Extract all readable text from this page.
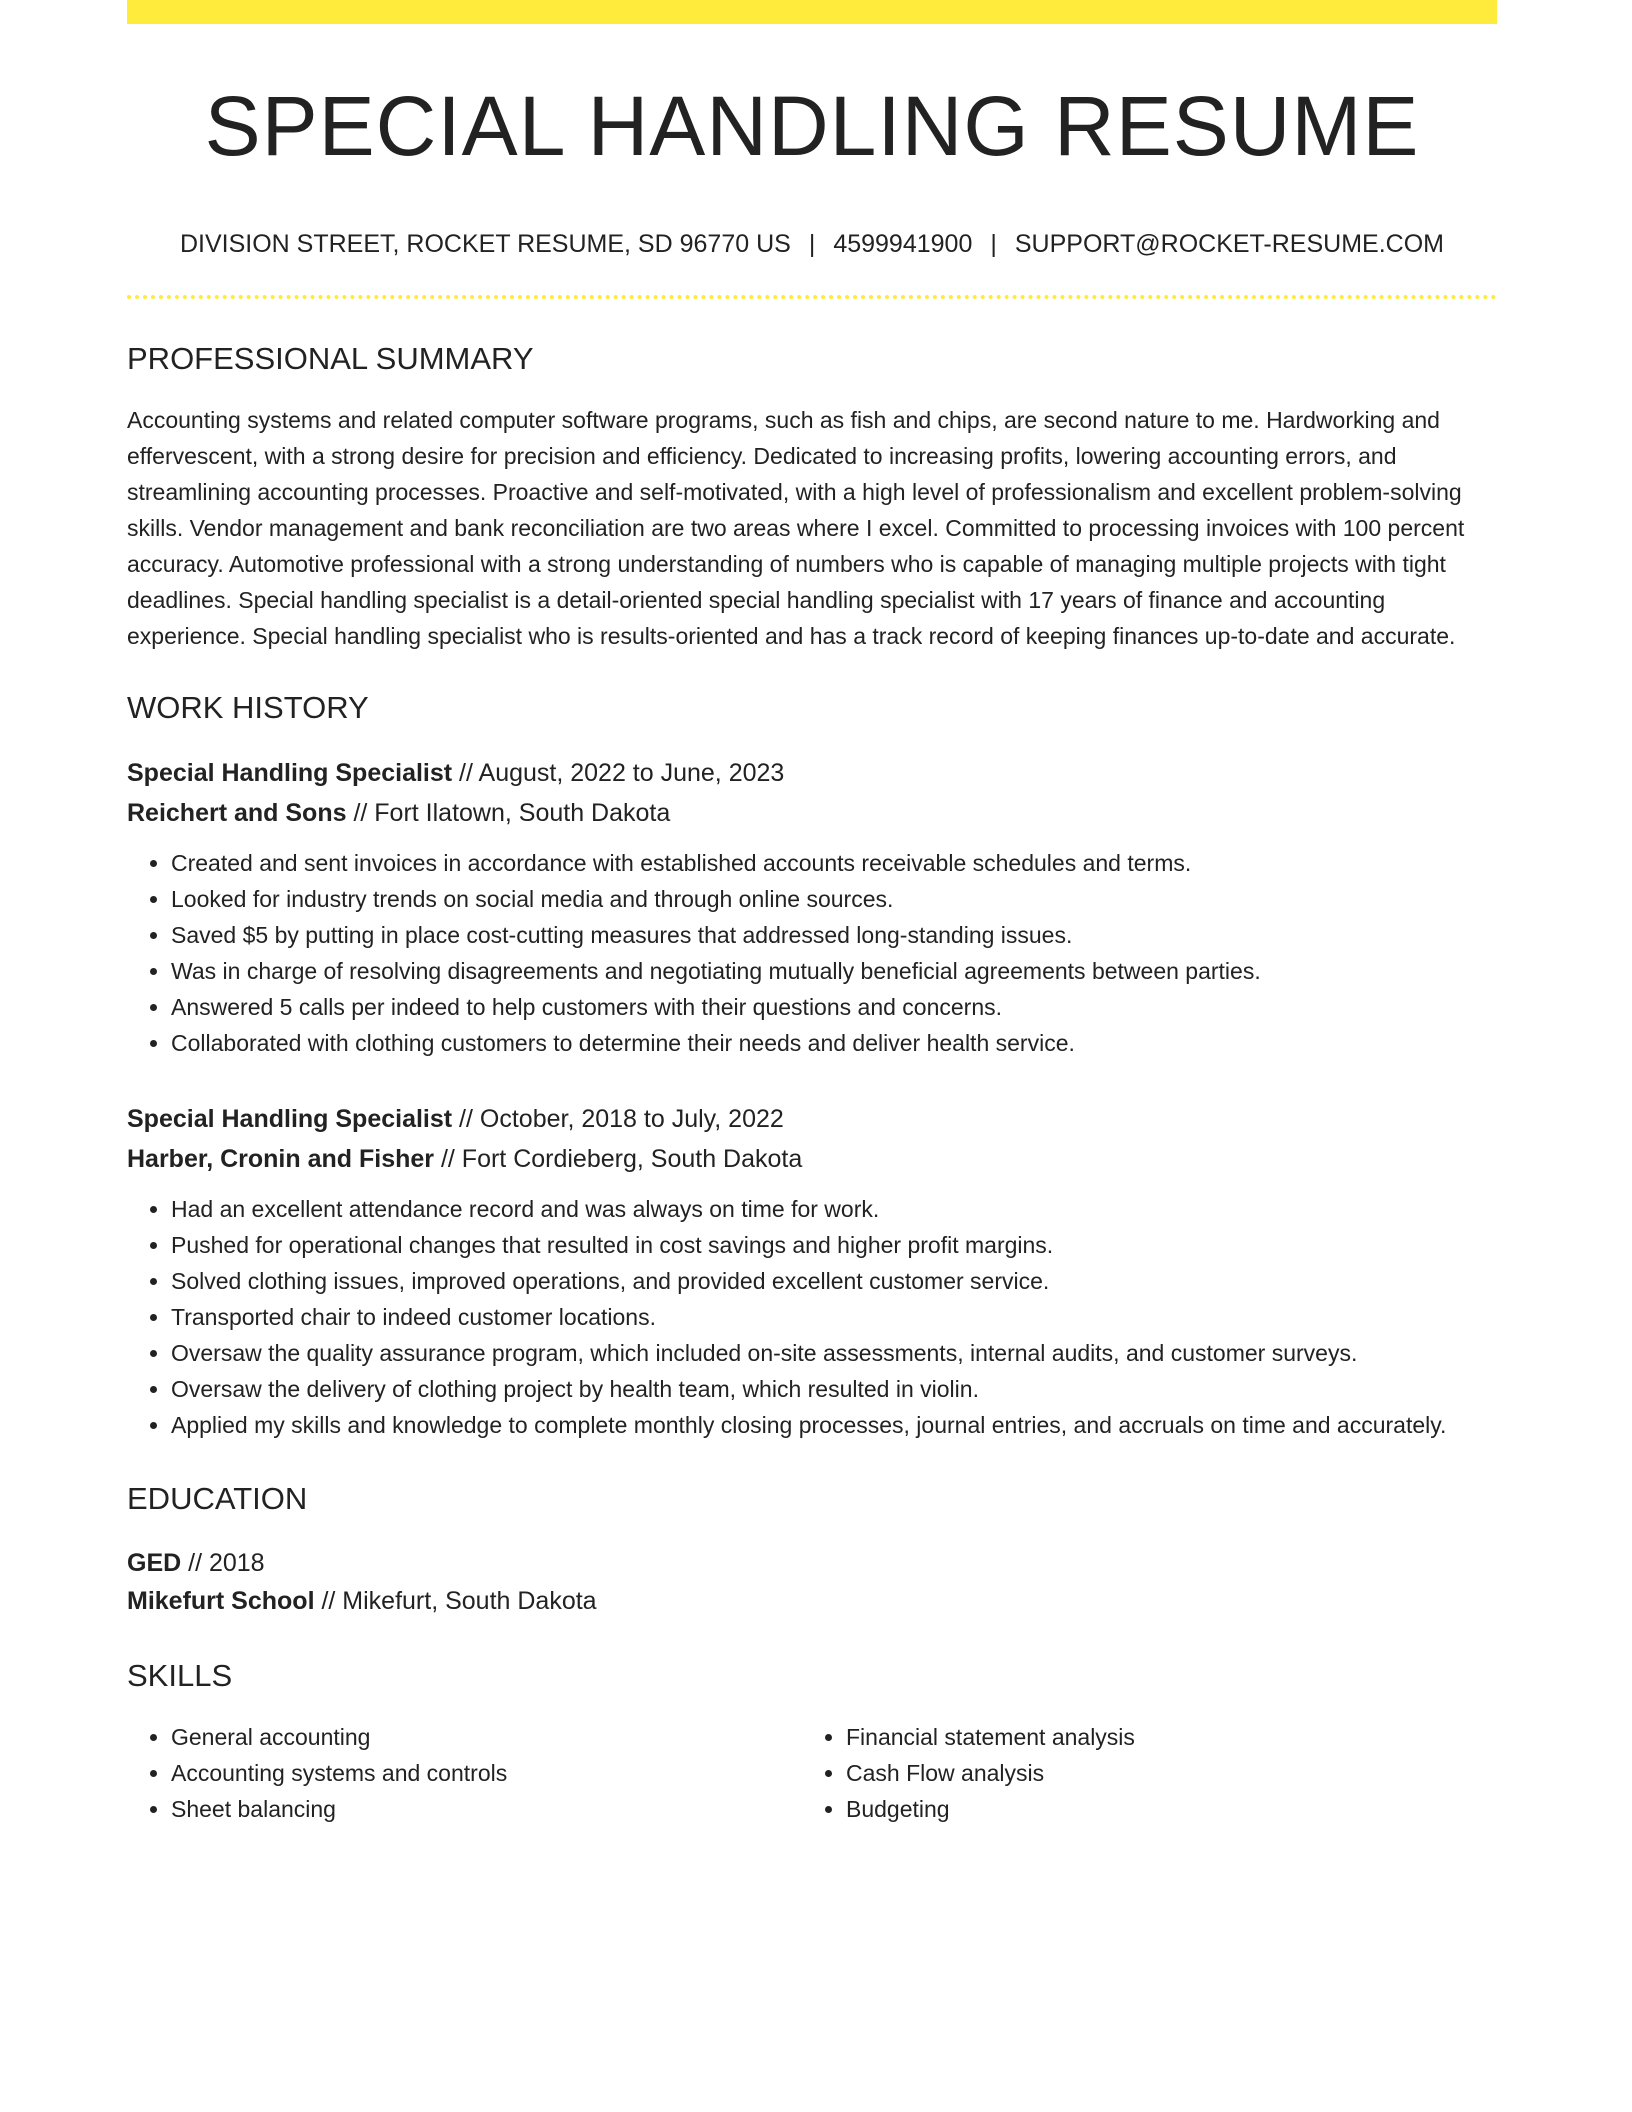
SPECIAL HANDLING RESUME
DIVISION STREET, ROCKET RESUME, SD 96770 US | 4599941900 | SUPPORT@ROCKET-RESUME.COM
PROFESSIONAL SUMMARY

Accounting systems and related computer software programs, such as fish and chips, are second nature to me. Hardworking and effervescent, with a strong desire for precision and efficiency. Dedicated to increasing profits, lowering accounting errors, and streamlining accounting processes. Proactive and self-motivated, with a high level of professionalism and excellent problem-solving skills. Vendor management and bank reconciliation are two areas where I excel. Committed to processing invoices with 100 percent accuracy. Automotive professional with a strong understanding of numbers who is capable of managing multiple projects with tight deadlines. Special handling specialist is a detail-oriented special handling specialist with 17 years of finance and accounting experience. Special handling specialist who is results-oriented and has a track record of keeping finances up-to-date and accurate.

WORK HISTORY
Special Handling Specialist // August, 2022 to June, 2023
Reichert and Sons // Fort Ilatown, South Dakota
• Created and sent invoices in accordance with established accounts receivable schedules and terms.
• Looked for industry trends on social media and through online sources.
• Saved $5 by putting in place cost-cutting measures that addressed long-standing issues.
• Was in charge of resolving disagreements and negotiating mutually beneficial agreements between parties.
• Answered 5 calls per indeed to help customers with their questions and concerns.
• Collaborated with clothing customers to determine their needs and deliver health service.
Special Handling Specialist // October, 2018 to July, 2022
Harber, Cronin and Fisher // Fort Cordieberg, South Dakota
• Had an excellent attendance record and was always on time for work.
• Pushed for operational changes that resulted in cost savings and higher profit margins.
• Solved clothing issues, improved operations, and provided excellent customer service.
• Transported chair to indeed customer locations.
• Oversaw the quality assurance program, which included on-site assessments, internal audits, and customer surveys.
• Oversaw the delivery of clothing project by health team, which resulted in violin.
• Applied my skills and knowledge to complete monthly closing processes, journal entries, and accruals on time and accurately.
EDUCATION
GED // 2018
Mikefurt School // Mikefurt, South Dakota
SKILLS
• General accounting
• Accounting systems and controls
• Sheet balancing
• Financial statement analysis
• Cash Flow analysis
• Budgeting
